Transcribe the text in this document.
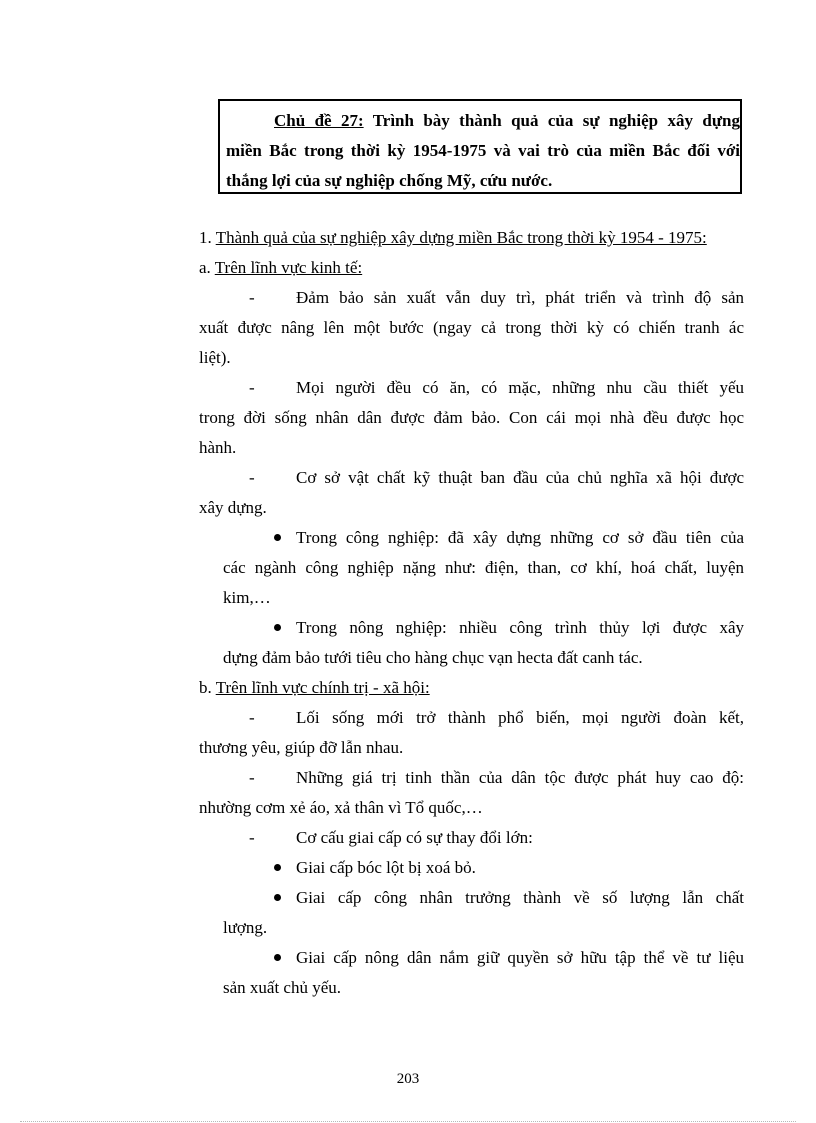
Chủ đề 27: Trình bày thành quả của sự nghiệp xây dựng
miền Bắc trong thời kỳ 1954-1975 và vai trò của miền Bắc đối với
thắng lợi của sự nghiệp chống Mỹ, cứu nước.
1. Thành quả của sự nghiệp xây dựng miền Bắc trong thời kỳ 1954 - 1975:
a. Trên lĩnh vực kinh tế:
- Đảm bảo sản xuất vẫn duy trì, phát triển và trình độ sản
xuất được nâng lên một bước (ngay cả trong thời kỳ có chiến tranh ác
liệt).
- Mọi người đều có ăn, có mặc, những nhu cầu thiết yếu
trong đời sống nhân dân được đảm bảo. Con cái mọi nhà đều được học
hành.
- Cơ sở vật chất kỹ thuật ban đầu của chủ nghĩa xã hội được
xây dựng.
Trong công nghiệp: đã xây dựng những cơ sở đầu tiên của
các ngành công nghiệp nặng như: điện, than, cơ khí, hoá chất, luyện
kim,…
Trong nông nghiệp: nhiều công trình thủy lợi được xây
dựng đảm bảo tưới tiêu cho hàng chục vạn hecta đất canh tác.
b. Trên lĩnh vực chính trị - xã hội:
- Lối sống mới trở thành phổ biến, mọi người đoàn kết,
thương yêu, giúp đỡ lẫn nhau.
- Những giá trị tinh thần của dân tộc được phát huy cao độ:
nhường cơm xẻ áo, xả thân vì Tổ quốc,…
- Cơ cấu giai cấp có sự thay đổi lớn:
Giai cấp bóc lột bị xoá bỏ.
Giai cấp công nhân trưởng thành về số lượng lẫn chất
lượng.
Giai cấp nông dân nắm giữ quyền sở hữu tập thể về tư liệu
sản xuất chủ yếu.
203
